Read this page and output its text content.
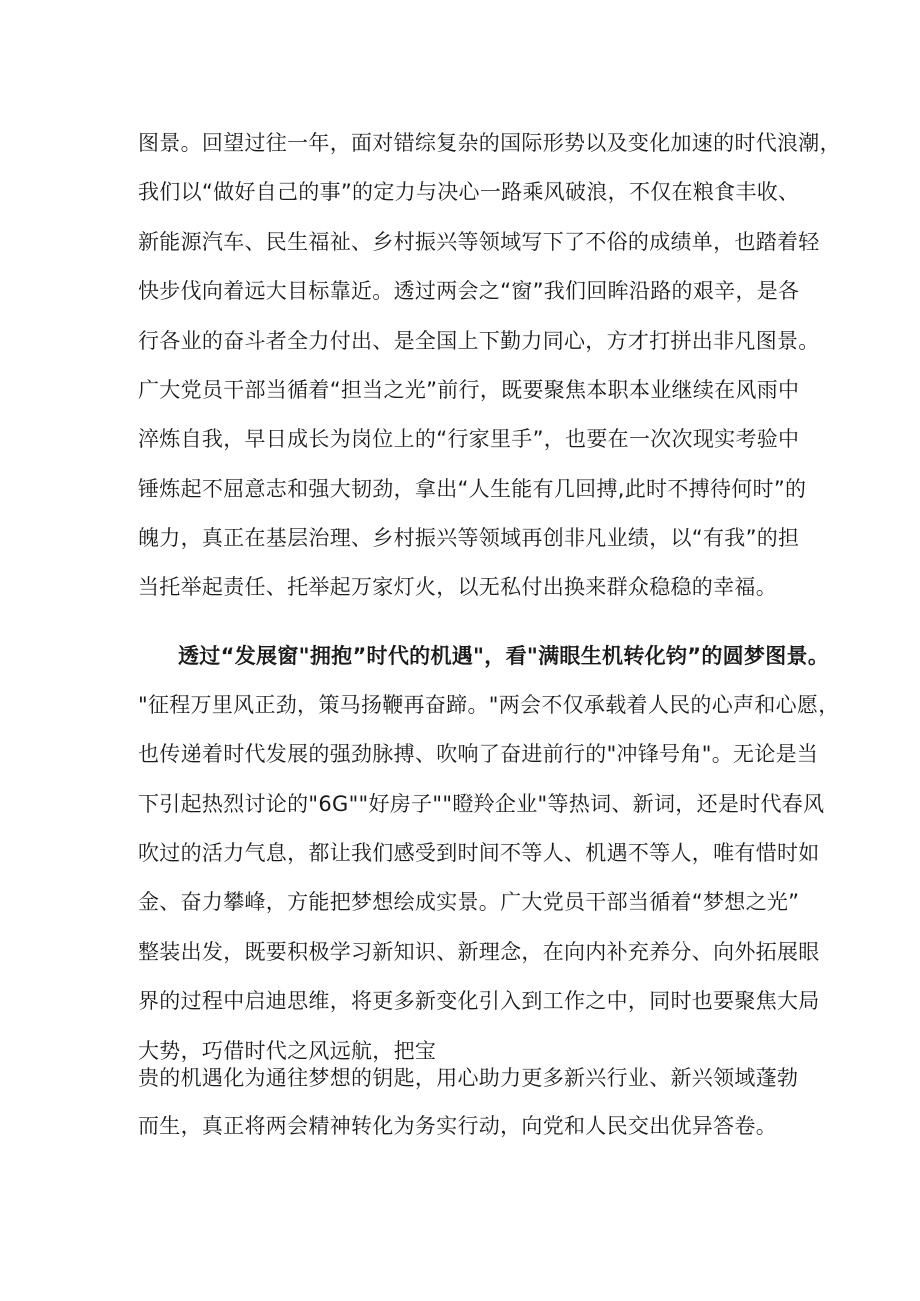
图景。回望过往一年，面对错综复杂的国际形势以及变化加速的时代浪潮，
我们以“做好自己的事”的定力与决心一路乘风破浪，不仅在粮食丰收、
新能源汽车、民生福祉、乡村振兴等领域写下了不俗的成绩单，也踏着轻
快步伐向着远大目标靠近。透过两会之“窗”我们回眸沿路的艰辛，是各
行各业的奋斗者全力付出、是全国上下勤力同心，方才打拼出非凡图景。
广大党员干部当循着“担当之光”前行，既要聚焦本职本业继续在风雨中
淬炼自我，早日成长为岗位上的“行家里手”，也要在一次次现实考验中
锤炼起不屈意志和强大韧劲，拿出“人生能有几回搏,此时不搏待何时”的
魄力，真正在基层治理、乡村振兴等领域再创非凡业绩，以“有我”的担
当托举起责任、托举起万家灯火，以无私付出换来群众稳稳的幸福。
透过“发展窗"拥抱”时代的机遇"，看"满眼生机转化钧”的圆梦图景。
"征程万里风正劲，策马扬鞭再奋蹄。"两会不仅承载着人民的心声和心愿，
也传递着时代发展的强劲脉搏、吹响了奋进前行的"冲锋号角"。无论是当
下引起热烈讨论的"6G""好房子""瞪羚企业"等热词、新词，还是时代春风
吹过的活力气息，都让我们感受到时间不等人、机遇不等人，唯有惜时如
金、奋力攀峰，方能把梦想绘成实景。广大党员干部当循着“梦想之光”
整装出发，既要积极学习新知识、新理念，在向内补充养分、向外拓展眼
界的过程中启迪思维，将更多新变化引入到工作之中，同时也要聚焦大局
大势，巧借时代之风远航，把宝
贵的机遇化为通往梦想的钥匙，用心助力更多新兴行业、新兴领域蓬勃
而生，真正将两会精神转化为务实行动，向党和人民交出优异答卷。
